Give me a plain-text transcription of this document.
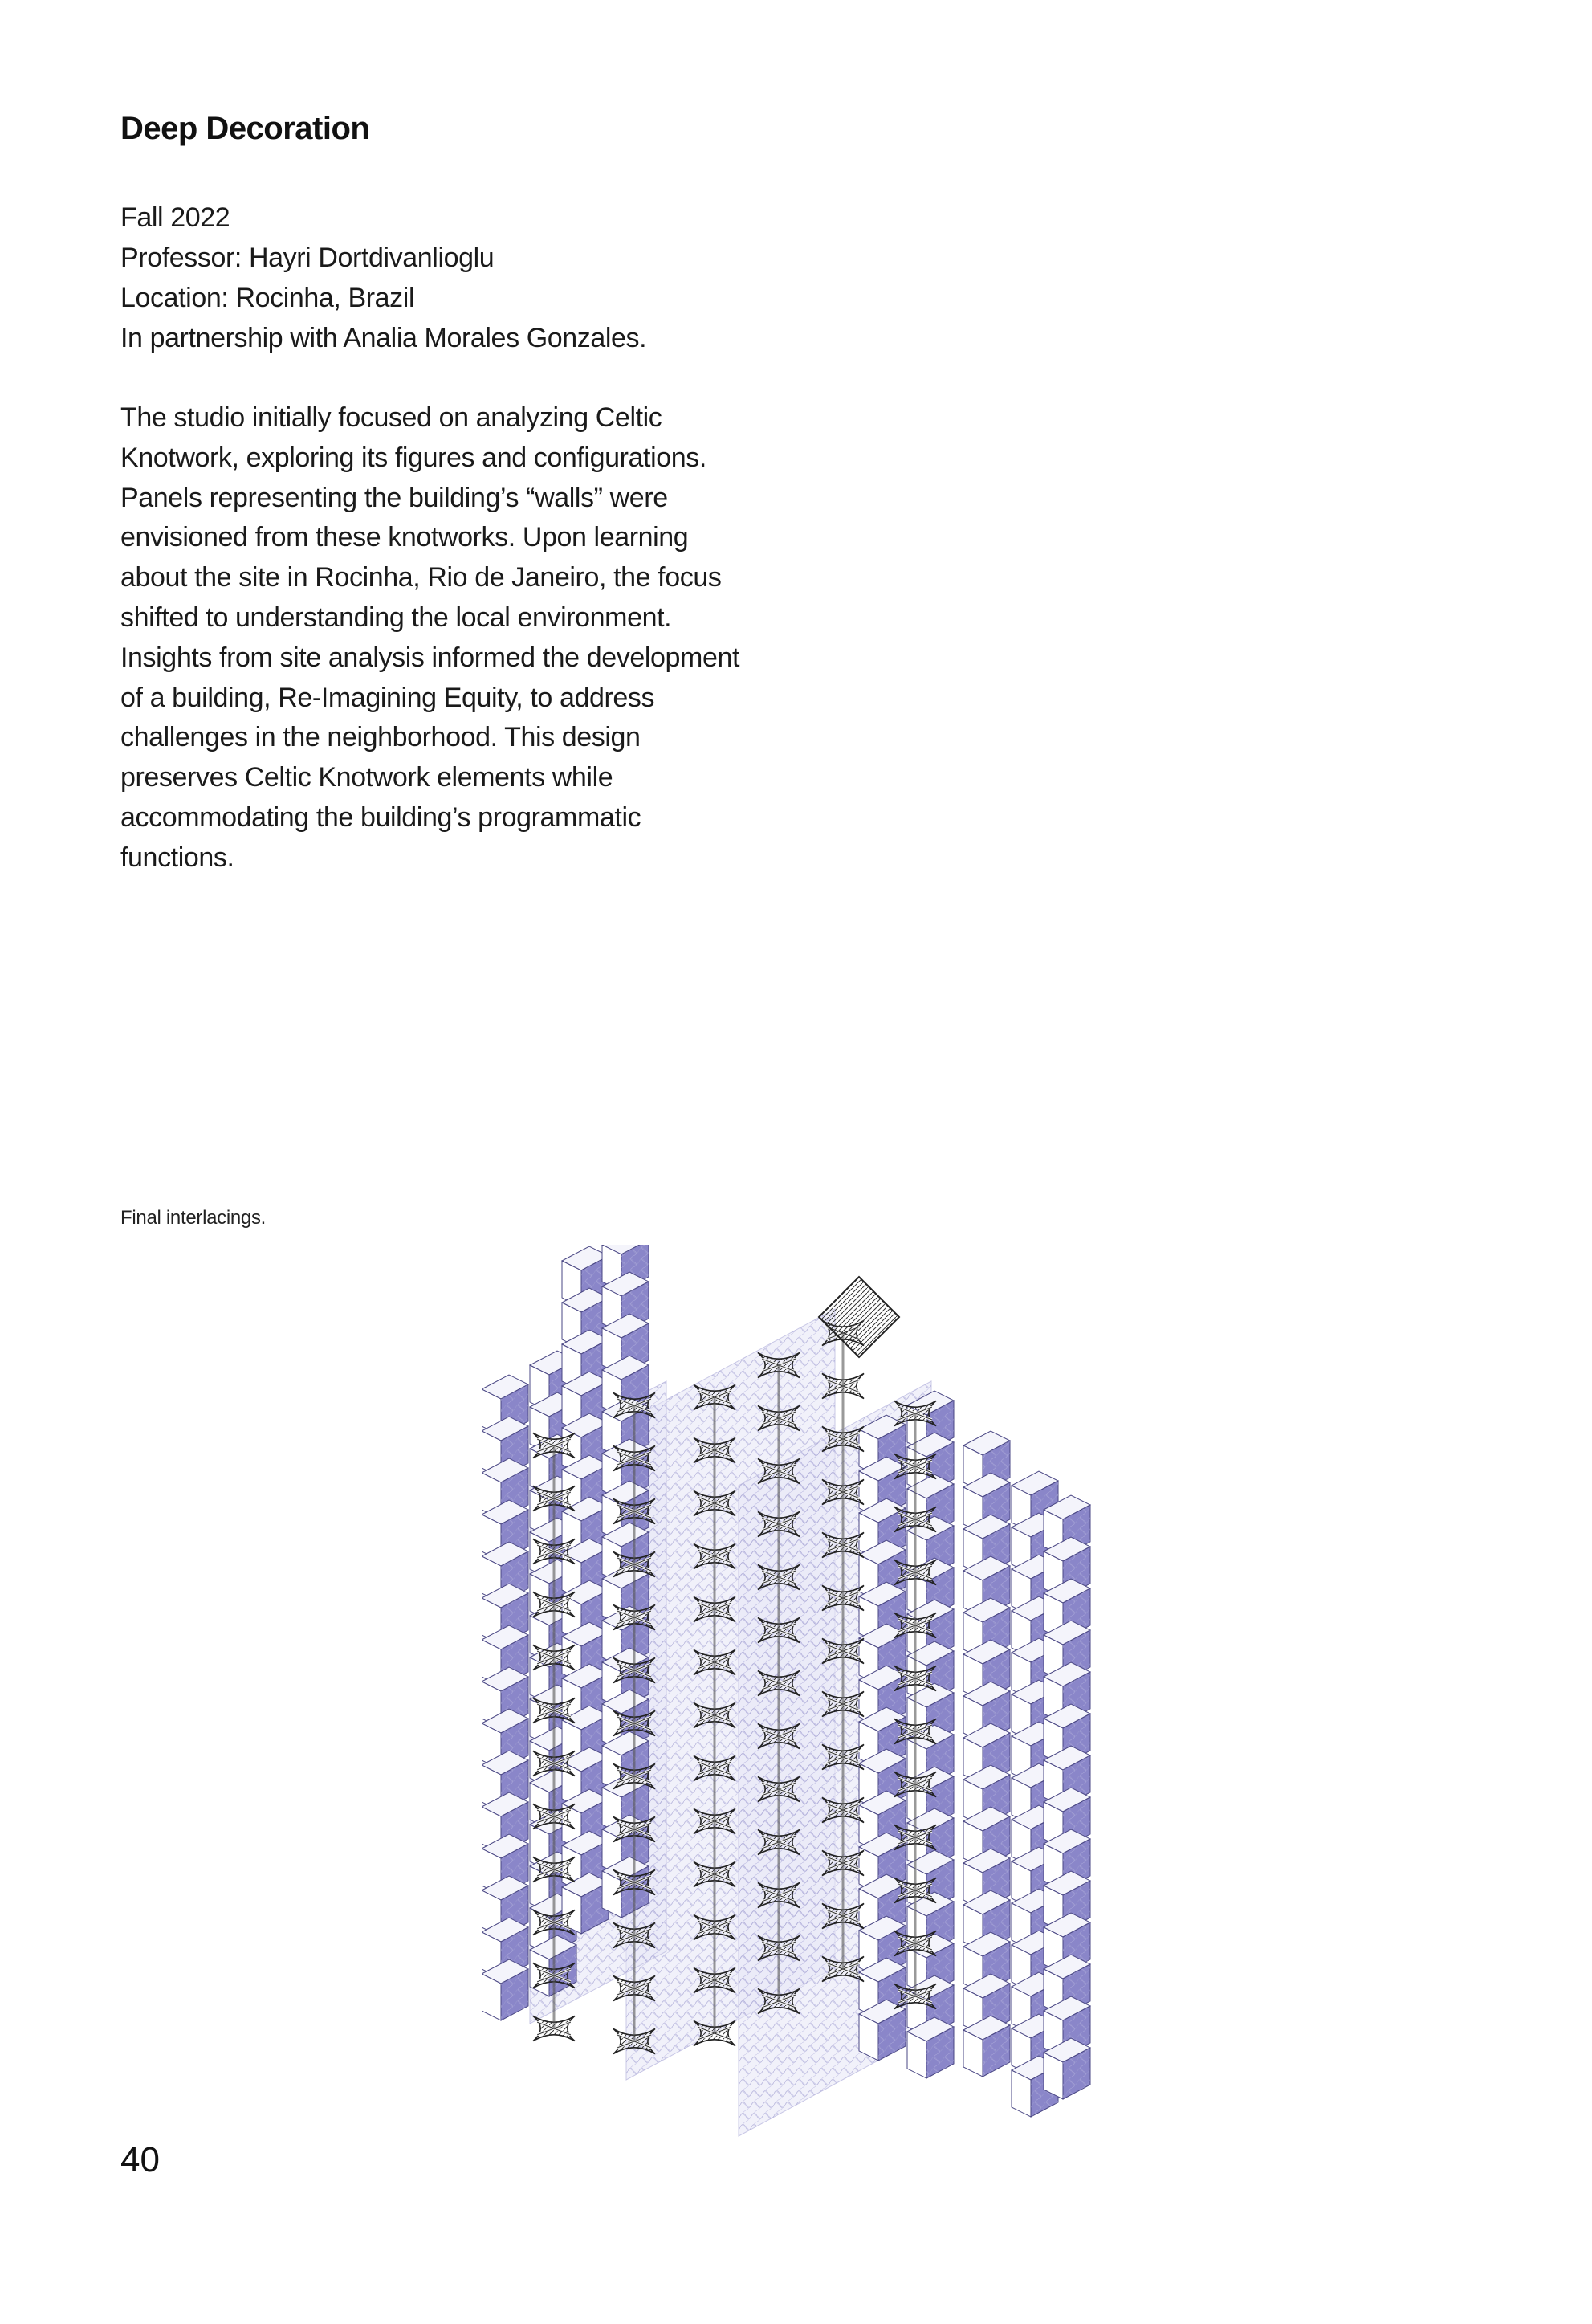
Deep Decoration
Fall 2022
Professor: Hayri Dortdivanlioglu
Location: Rocinha, Brazil
In partnership with Analia Morales Gonzales.

The studio initially focused on analyzing Celtic Knotwork, exploring its figures and configurations. Panels representing the building’s “walls” were envisioned from these knotworks. Upon learning about the site in Rocinha, Rio de Janeiro, the focus shifted to understanding the local environment. Insights from site analysis informed the development of a building, Re-Imagining Equity, to address challenges in the neighborhood. This design preserves Celtic Knotwork elements while accommodating the building’s programmatic functions.

Final interlacings.
40
